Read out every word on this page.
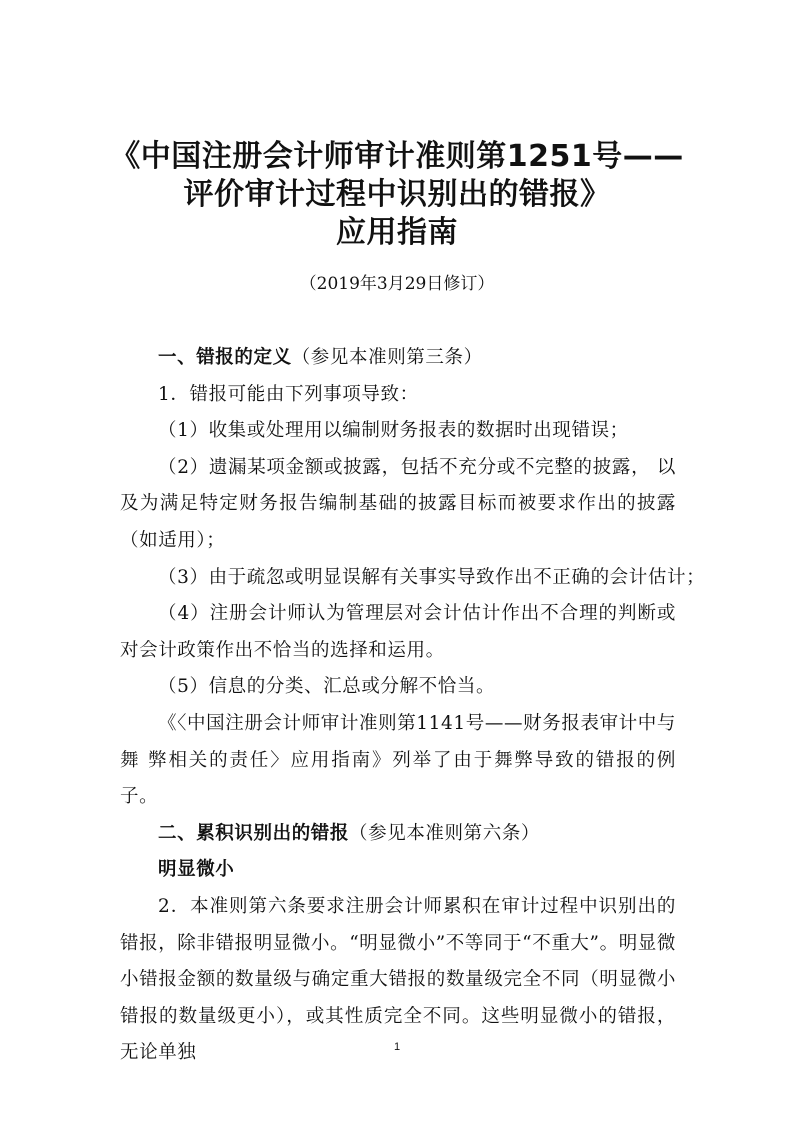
《中国注册会计师审计准则第1251号——
评价审计过程中识别出的错报》
应用指南
（2019年3月29日修订）

一、错报的定义（参见本准则第三条）

1．错报可能由下列事项导致：

（1）收集或处理用以编制财务报表的数据时出现错误；

（2）遗漏某项金额或披露，包括不充分或不完整的披露， 以及为满足特定财务报告编制基础的披露目标而被要求作出的披露（如适用）；

（3）由于疏忽或明显误解有关事实导致作出不正确的会计估计；

（4）注册会计师认为管理层对会计估计作出不合理的判断或对会计政策作出不恰当的选择和运用。

（5）信息的分类、汇总或分解不恰当。

《〈中国注册会计师审计准则第1141号——财务报表审计中与舞 弊相关的责任〉应用指南》列举了由于舞弊导致的错报的例子。

二、累积识别出的错报（参见本准则第六条）

明显微小

2．本准则第六条要求注册会计师累积在审计过程中识别出的错报，除非错报明显微小。“明显微小”不等同于“不重大”。明显微小错报金额的数量级与确定重大错报的数量级完全不同（明显微小错报的数量级更小），或其性质完全不同。这些明显微小的错报，无论单独	1
